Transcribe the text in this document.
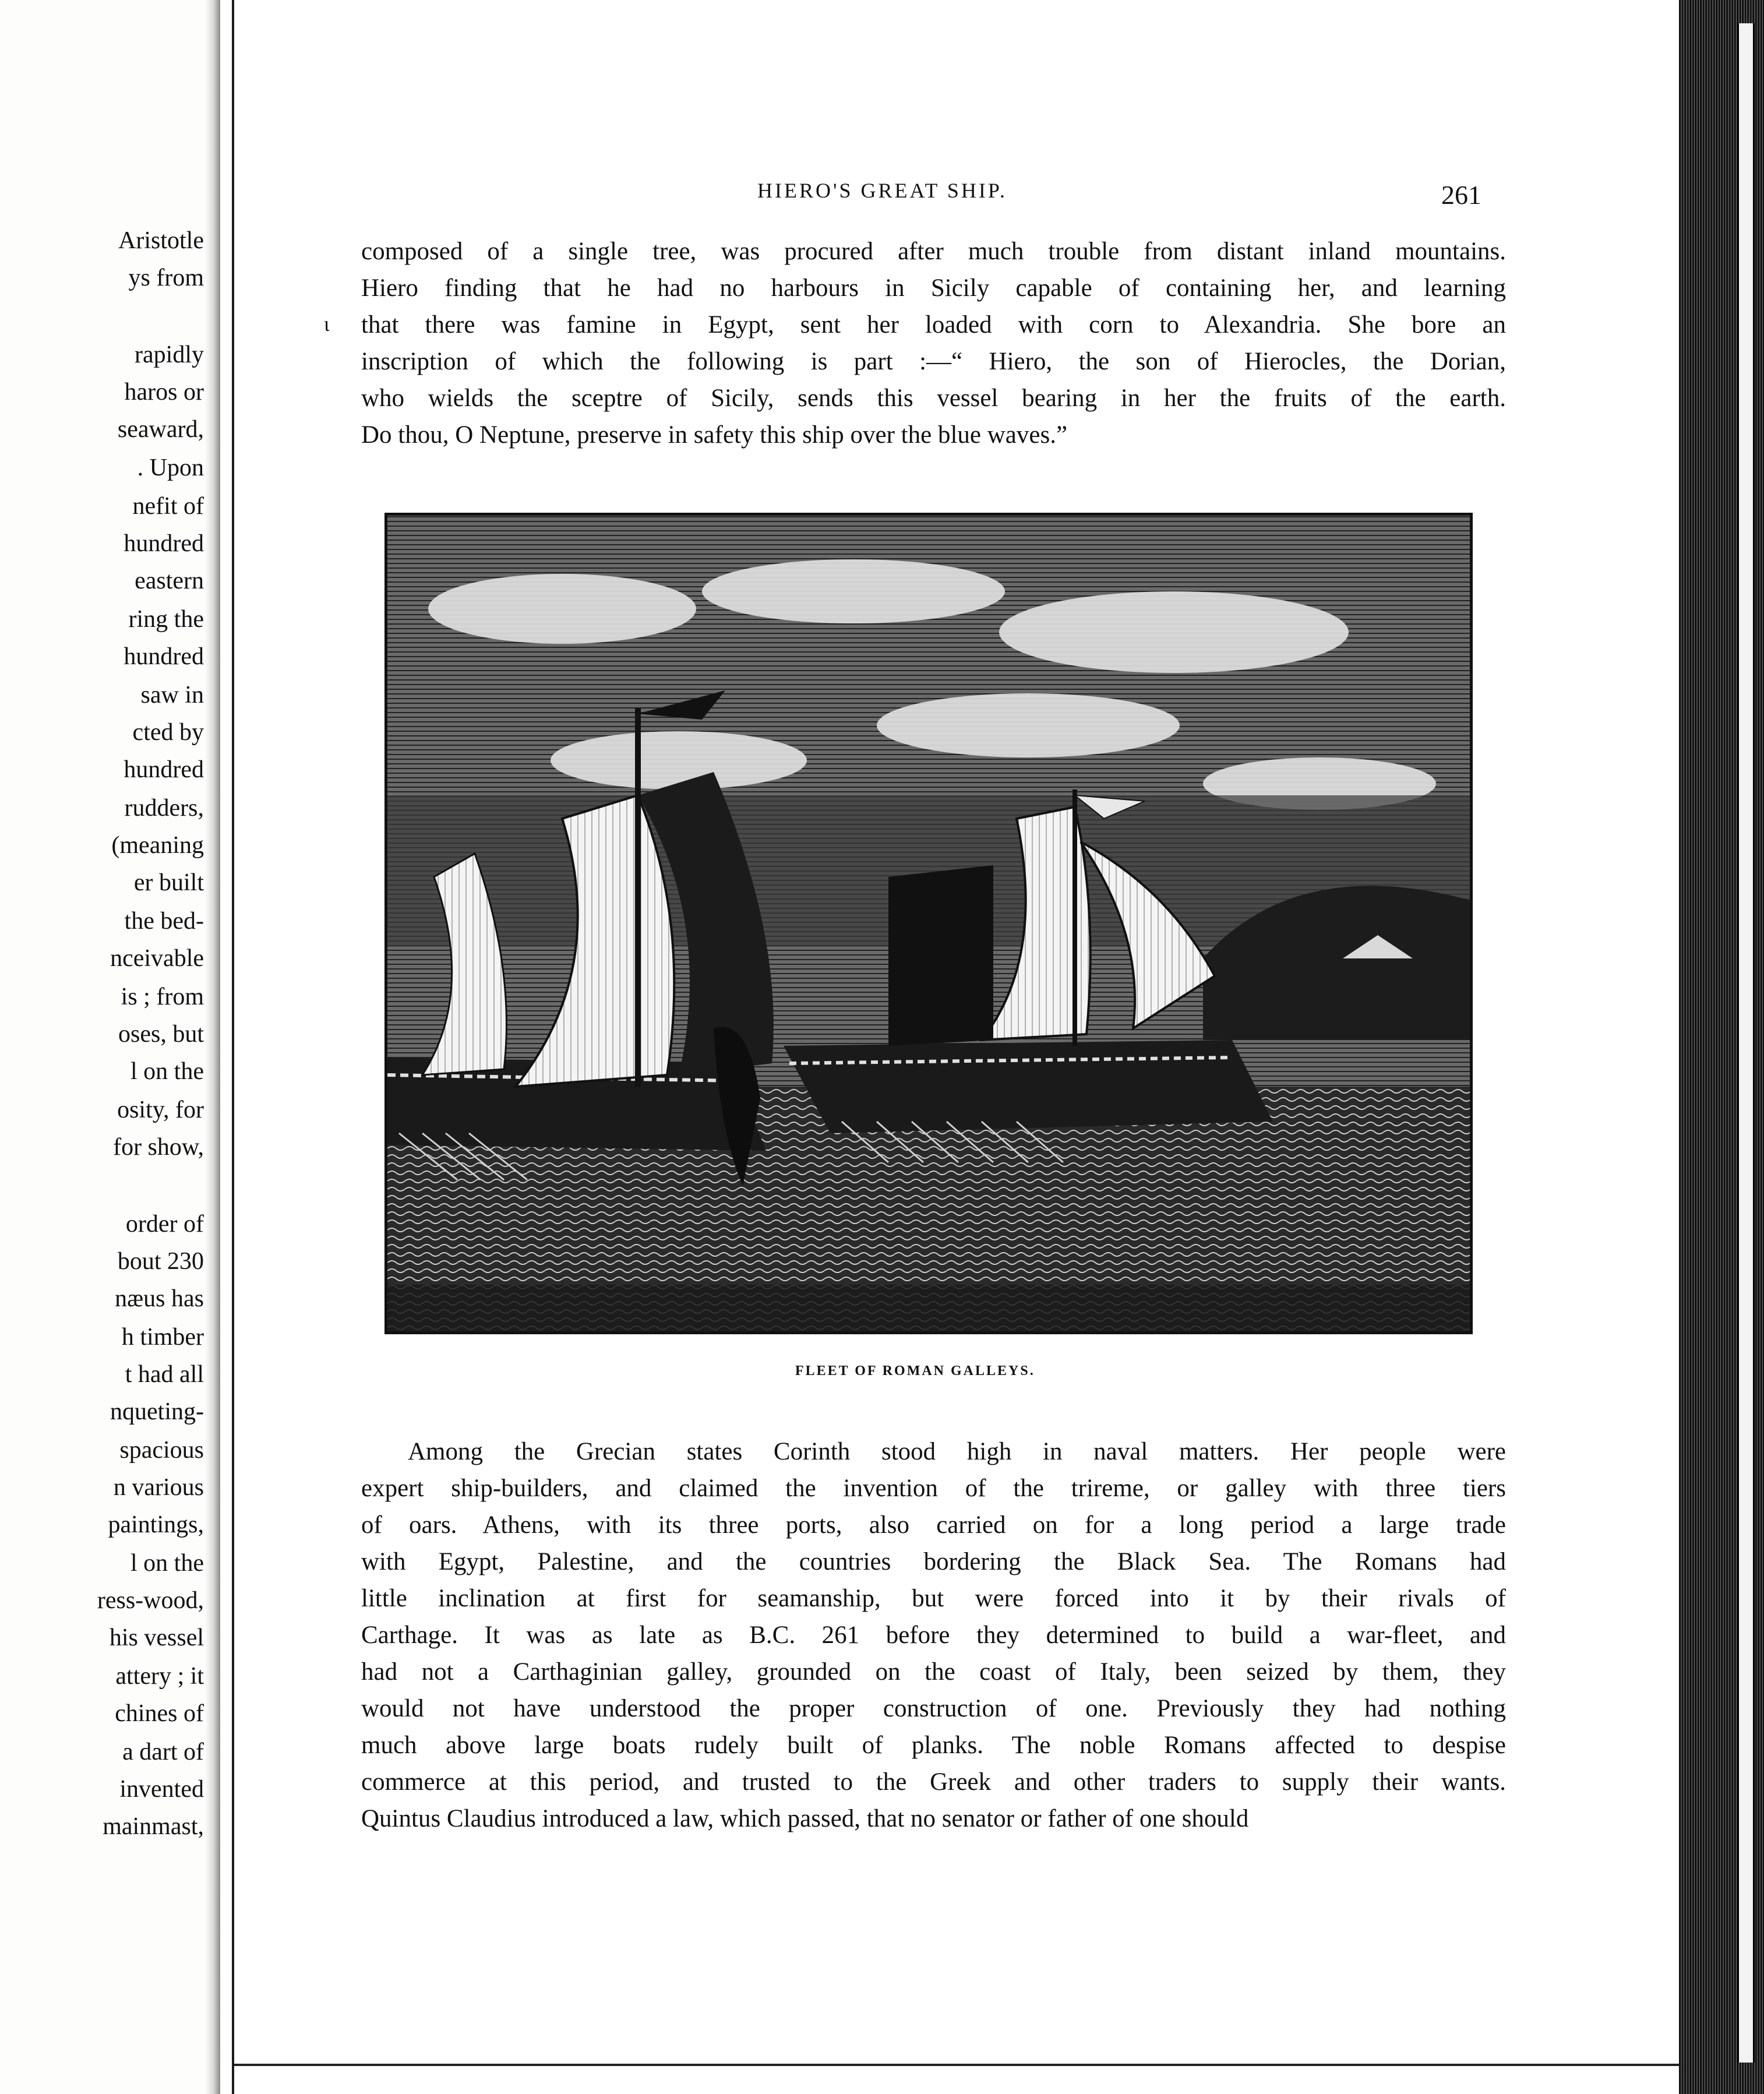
Aristotle
ys from
rapidly
haros or
seaward,
. Upon
nefit of
hundred
eastern
ring the
hundred
saw in
cted by
hundred
rudders,
(meaning
er built
the bed-
nceivable
is ; from
oses, but
l on the
osity, for
for show,
order of
bout 230
næus has
h timber
t had all
nqueting-
spacious
n various
paintings,
l on the
ress-wood,
his vessel
attery ; it
chines of
a dart of
invented
mainmast,
HIERO'S GREAT SHIP.	261
ɩ
composed of a single tree, was procured after much trouble from distant inland mountains.
Hiero finding that he had no harbours in Sicily capable of containing her, and learning
that there was famine in Egypt, sent her loaded with corn to Alexandria. She bore an
inscription of which the following is part :—“ Hiero, the son of Hierocles, the Dorian,
who wields the sceptre of Sicily, sends this vessel bearing in her the fruits of the earth.
Do thou, O Neptune, preserve in safety this ship over the blue waves.”
FLEET OF ROMAN GALLEYS.
Among the Grecian states Corinth stood high in naval matters. Her people were
expert ship-builders, and claimed the invention of the trireme, or galley with three tiers
of oars. Athens, with its three ports, also carried on for a long period a large trade
with Egypt, Palestine, and the countries bordering the Black Sea. The Romans had
little inclination at first for seamanship, but were forced into it by their rivals of
Carthage. It was as late as B.C. 261 before they determined to build a war-fleet, and
had not a Carthaginian galley, grounded on the coast of Italy, been seized by them, they
would not have understood the proper construction of one. Previously they had nothing
much above large boats rudely built of planks. The noble Romans affected to despise
commerce at this period, and trusted to the Greek and other traders to supply their wants.
Quintus Claudius introduced a law, which passed, that no senator or father of one should
